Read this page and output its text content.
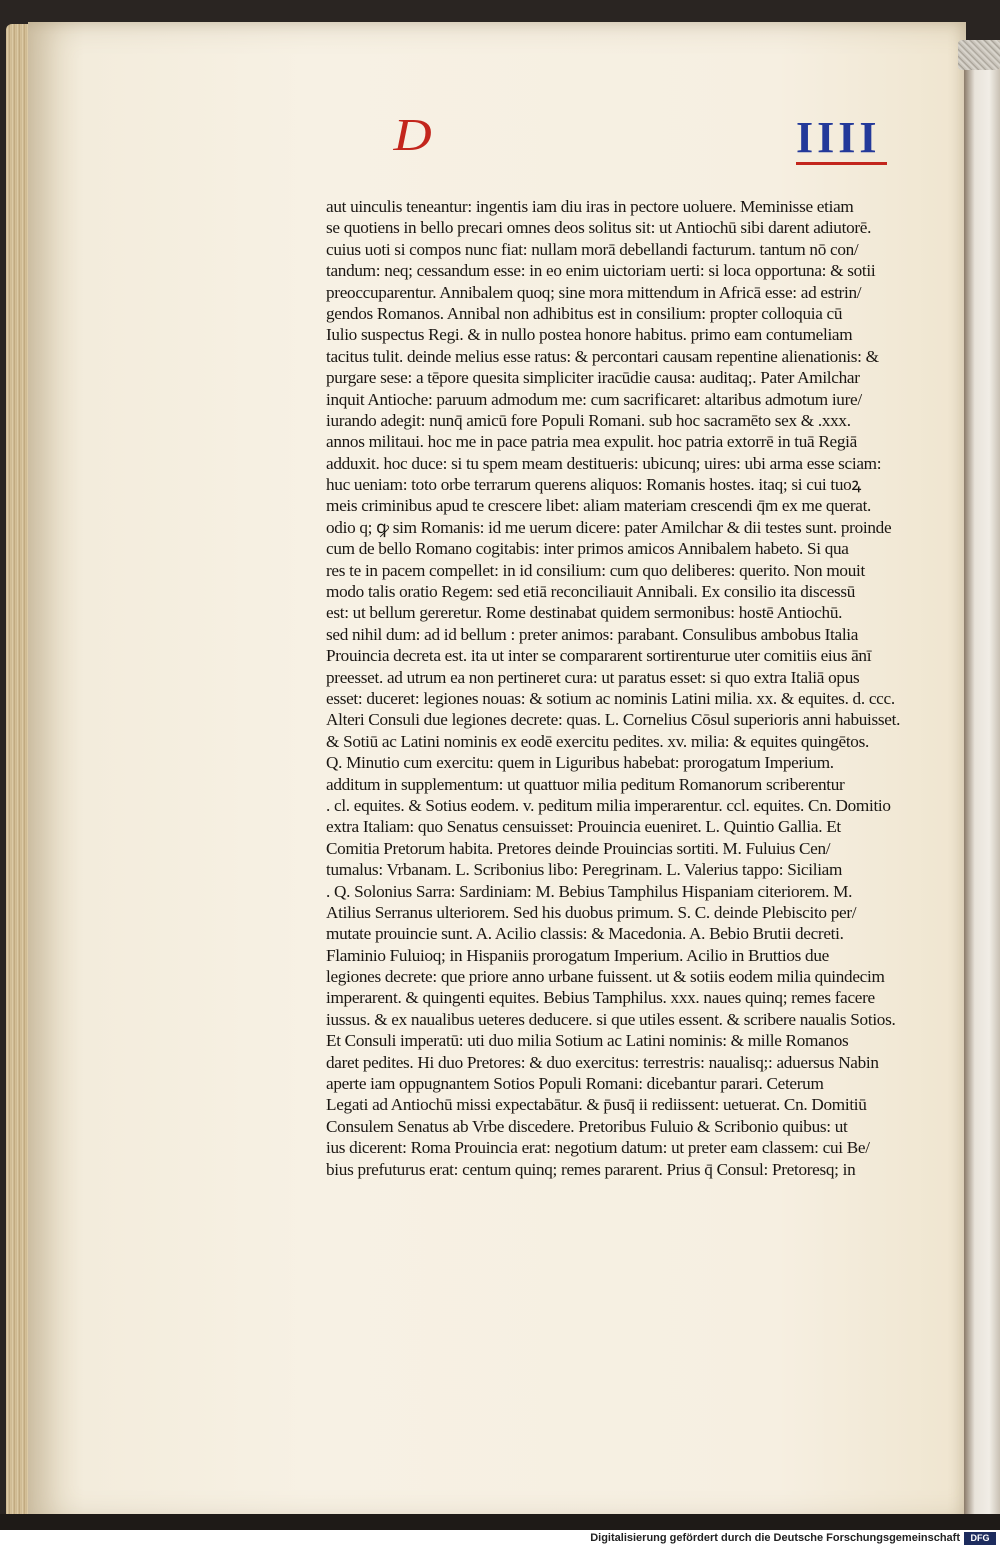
D	IIII
aut uinculis teneantur: ingentis iam diu iras in pectore uoluere. Meminisse etiam
se quotiens in bello precari omnes deos solitus sit: ut Antiochū sibi darent adiutorē.
cuius uoti si compos nunc fiat: nullam morā debellandi facturum. tantum nō con/
tandum: neq; cessandum esse: in eo enim uictoriam uerti: si loca opportuna: & sotii
preoccuparentur. Annibalem quoq; sine mora mittendum in Africā esse: ad estrin/
gendos Romanos. Annibal non adhibitus est in consilium: propter colloquia cū
Iulio suspectus Regi. & in nullo postea honore habitus. primo eam contumeliam
tacitus tulit. deinde melius esse ratus: & percontari causam repentine alienationis: &
purgare sese: a tēpore quesita simpliciter iracūdie causa: auditaq;. Pater Amilchar
inquit Antioche: paruum admodum me: cum sacrificaret: altaribus admotum iure/
iurando adegit: nunq̄ amicū fore Populi Romani. sub hoc sacramēto sex & .xxx.
annos militaui. hoc me in pace patria mea expulit. hoc patria extorrē in tuā Regiā
adduxit. hoc duce: si tu spem meam destitueris: ubicunq; uires: ubi arma esse sciam:
huc ueniam: toto orbe terrarum querens aliquos: Romanis hostes. itaq; si cui tuoꝝ
meis criminibus apud te crescere libet: aliam materiam crescendi q̄m ex me querat.
odio q; ꝙ sim Romanis: id me uerum dicere: pater Amilchar & dii testes sunt. proinde
cum de bello Romano cogitabis: inter primos amicos Annibalem habeto. Si qua
res te in pacem compellet: in id consilium: cum quo deliberes: querito. Non mouit
modo talis oratio Regem: sed etiā reconciliauit Annibali. Ex consilio ita discessū
est: ut bellum gereretur. Rome destinabat quidem sermonibus: hostē Antiochū.
sed nihil dum: ad id bellum : preter animos: parabant. Consulibus ambobus Italia
Prouincia decreta est. ita ut inter se compararent sortirenturue uter comitiis eius ānī
preesset. ad utrum ea non pertineret cura: ut paratus esset: si quo extra Italiā opus
esset: duceret: legiones nouas: & sotium ac nominis Latini milia. xx. & equites. d. ccc.
Alteri Consuli due legiones decrete: quas. L. Cornelius Cōsul superioris anni habuisset.
& Sotiū ac Latini nominis ex eodē exercitu pedites. xv. milia: & equites quingētos.
Q. Minutio cum exercitu: quem in Liguribus habebat: prorogatum Imperium.
additum in supplementum: ut quattuor milia peditum Romanorum scriberentur
. cl. equites. & Sotius eodem. v. peditum milia imperarentur. ccl. equites. Cn. Domitio
extra Italiam: quo Senatus censuisset: Prouincia eueniret. L. Quintio Gallia. Et
Comitia Pretorum habita. Pretores deinde Prouincias sortiti. M. Fuluius Cen/
tumalus: Vrbanam. L. Scribonius libo: Peregrinam. L. Valerius tappo: Siciliam
. Q. Solonius Sarra: Sardiniam: M. Bebius Tamphilus Hispaniam citeriorem. M.
Atilius Serranus ulteriorem. Sed his duobus primum. S. C. deinde Plebiscito per/
mutate prouincie sunt. A. Acilio classis: & Macedonia. A. Bebio Brutii decreti.
Flaminio Fuluioq; in Hispaniis prorogatum Imperium. Acilio in Bruttios due
legiones decrete: que priore anno urbane fuissent. ut & sotiis eodem milia quindecim
imperarent. & quingenti equites. Bebius Tamphilus. xxx. naues quinq; remes facere
iussus. & ex naualibus ueteres deducere. si que utiles essent. & scribere naualis Sotios.
Et Consuli imperatū: uti duo milia Sotium ac Latini nominis: & mille Romanos
daret pedites. Hi duo Pretores: & duo exercitus: terrestris: naualisq;: aduersus Nabin
aperte iam oppugnantem Sotios Populi Romani: dicebantur parari. Ceterum
Legati ad Antiochū missi expectabātur. & p̄usq̄ ii rediissent: uetuerat. Cn. Domitiū
Consulem Senatus ab Vrbe discedere. Pretoribus Fuluio & Scribonio quibus: ut
ius dicerent: Roma Prouincia erat: negotium datum: ut preter eam classem: cui Be/
bius prefuturus erat: centum quinq; remes pararent. Prius q̄ Consul: Pretoresq; in
Digitalisierung gefördert durch die Deutsche Forschungsgemeinschaft	DFG
